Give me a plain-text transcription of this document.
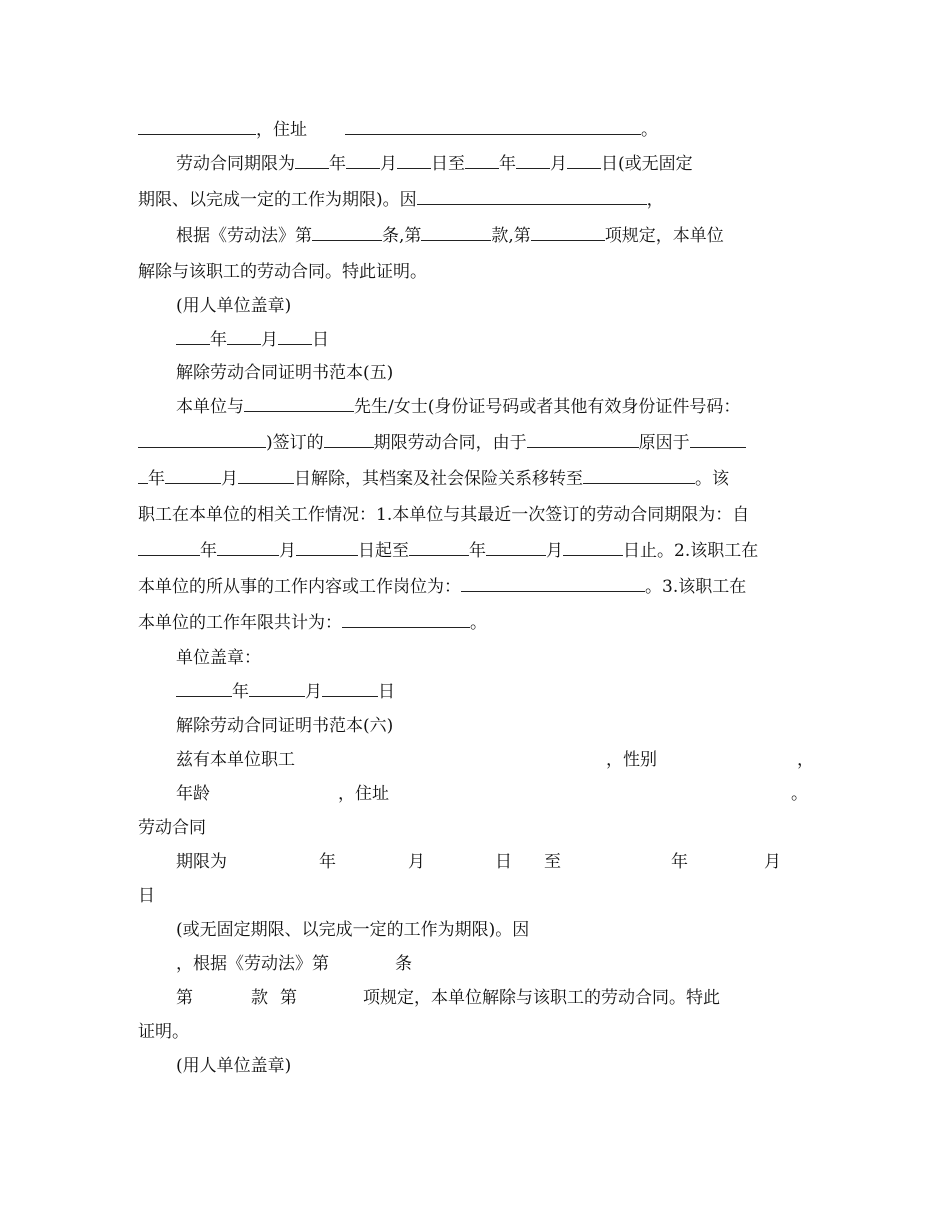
，住址	。
劳动合同期限为 年 月 日至 年 月 日(或无固定
期限、以完成一定的工作为期限)。因	，
根据《劳动法》第	条,第	款,第	项规定，本单位
解除与该职工的劳动合同。特此证明。
(用人单位盖章)
年 月 日
解除劳动合同证明书范本(五)
本单位与	先生/女士(身份证号码或者其他有效身份证件号码：
)签订的	期限劳动合同，由于	原因于
年	月	日解除，其档案及社会保险关系移转至	。该
职工在本单位的相关工作情况：1.本单位与其最近一次签订的劳动合同期限为：自
年	月	日起至	年	月	日止。2.该职工在
本单位的所从事的工作内容或工作岗位为：	。3.该职工在
本单位的工作年限共计为：	。
单位盖章：
年	月	日
解除劳动合同证明书范本(六)
兹有本单位职工	，性别	，
年龄	，住址	。
劳动合同
期限为	年	月	日 至	年	月
日
(或无固定期限、以完成一定的工作为期限)。因
，根据《劳动法》第	条
第	款 第	项规定，本单位解除与该职工的劳动合同。特此
证明。
(用人单位盖章)
